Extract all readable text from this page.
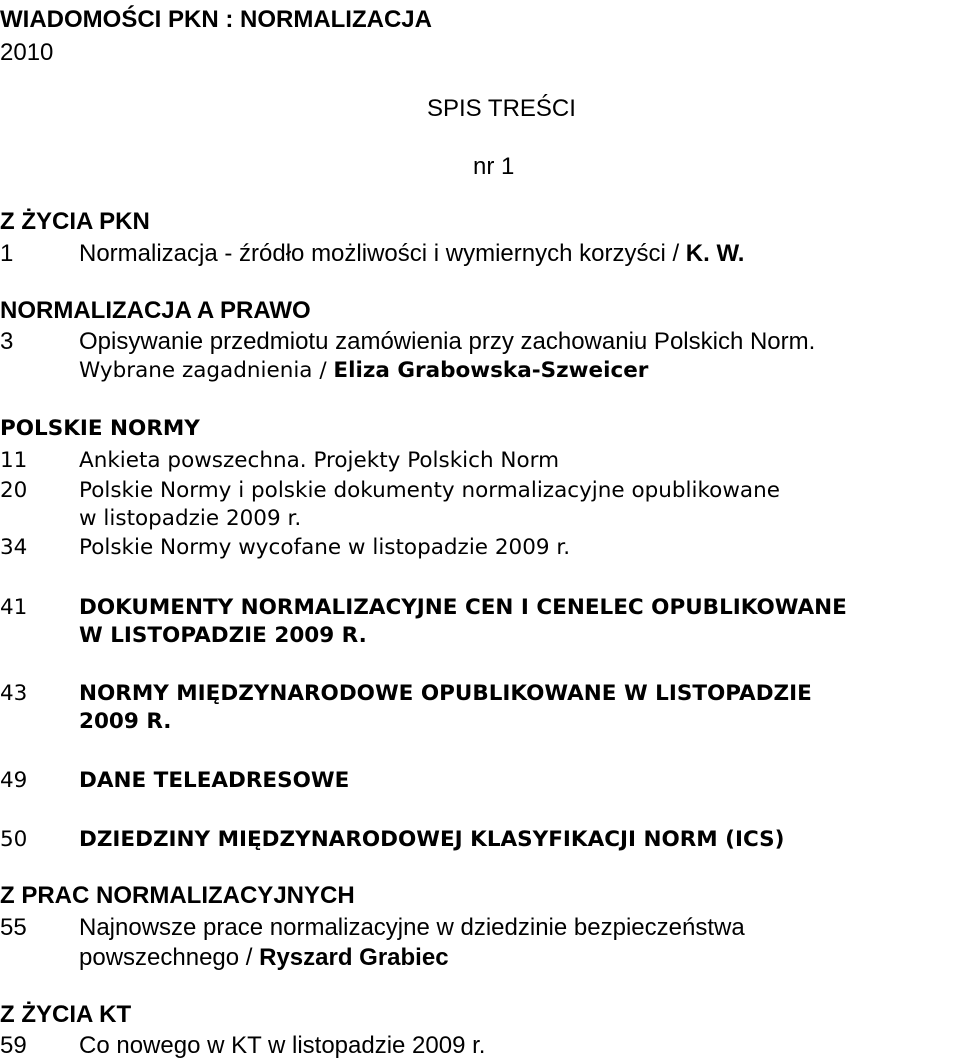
WIADOMOŚCI PKN : NORMALIZACJA
2010
SPIS TREŚCI
nr 1
Z ŻYCIA PKN
1	Normalizacja - źródło możliwości i wymiernych korzyści / K. W.
NORMALIZACJA A PRAWO
3	Opisywanie przedmiotu zamówienia przy zachowaniu Polskich Norm.
Wybrane zagadnienia / Eliza Grabowska-Szweicer
POLSKIE NORMY
11 Ankieta powszechna. Projekty Polskich Norm
20 Polskie Normy i polskie dokumenty normalizacyjne opublikowane
w listopadzie 2009 r.
34 Polskie Normy wycofane w listopadzie 2009 r.
41 DOKUMENTY NORMALIZACYJNE CEN I CENELEC OPUBLIKOWANE
W LISTOPADZIE 2009 R.
43 NORMY MIĘDZYNARODOWE OPUBLIKOWANE W LISTOPADZIE
2009 R.
49 DANE TELEADRESOWE
50 DZIEDZINY MIĘDZYNARODOWEJ KLASYFIKACJI NORM (ICS)
Z PRAC NORMALIZACYJNYCH
55 Najnowsze prace normalizacyjne w dziedzinie bezpieczeństwa
powszechnego / Ryszard Grabiec
Z ŻYCIA KT
59 Co nowego w KT w listopadzie 2009 r.
